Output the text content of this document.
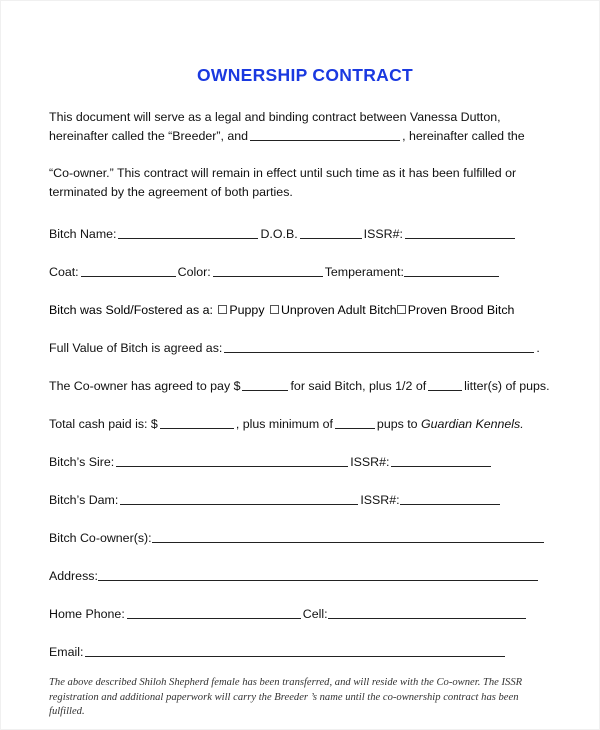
OWNERSHIP CONTRACT

This document will serve as a legal and binding contract between Vanessa Dutton,
hereinafter called the “Breeder”, and	, hereinafter called the

“Co-owner.” This contract will remain in effect until such time as it has been fulfilled or terminated by the agreement of both parties.

Bitch Name:	D.O.B.	ISSR#:
Coat:	Color:	Temperament:
Bitch was Sold/Fostered as a: Puppy Unproven Adult Bitch Proven Brood Bitch
Full Value of Bitch is agreed as:	.
The Co-owner has agreed to pay $	for said Bitch, plus 1/2 of	litter(s) of pups.
Total cash paid is: $	, plus minimum of	pups to Guardian Kennels.
Bitch’s Sire:	ISSR#:
Bitch’s Dam:	ISSR#:
Bitch Co-owner(s):
Address:
Home Phone:	Cell:
Email:

The above described Shiloh Shepherd female has been transferred, and will reside with the Co-owner. The ISSR registration and additional paperwork will carry the Breeder ’s name until the co-ownership contract has been fulfilled.
